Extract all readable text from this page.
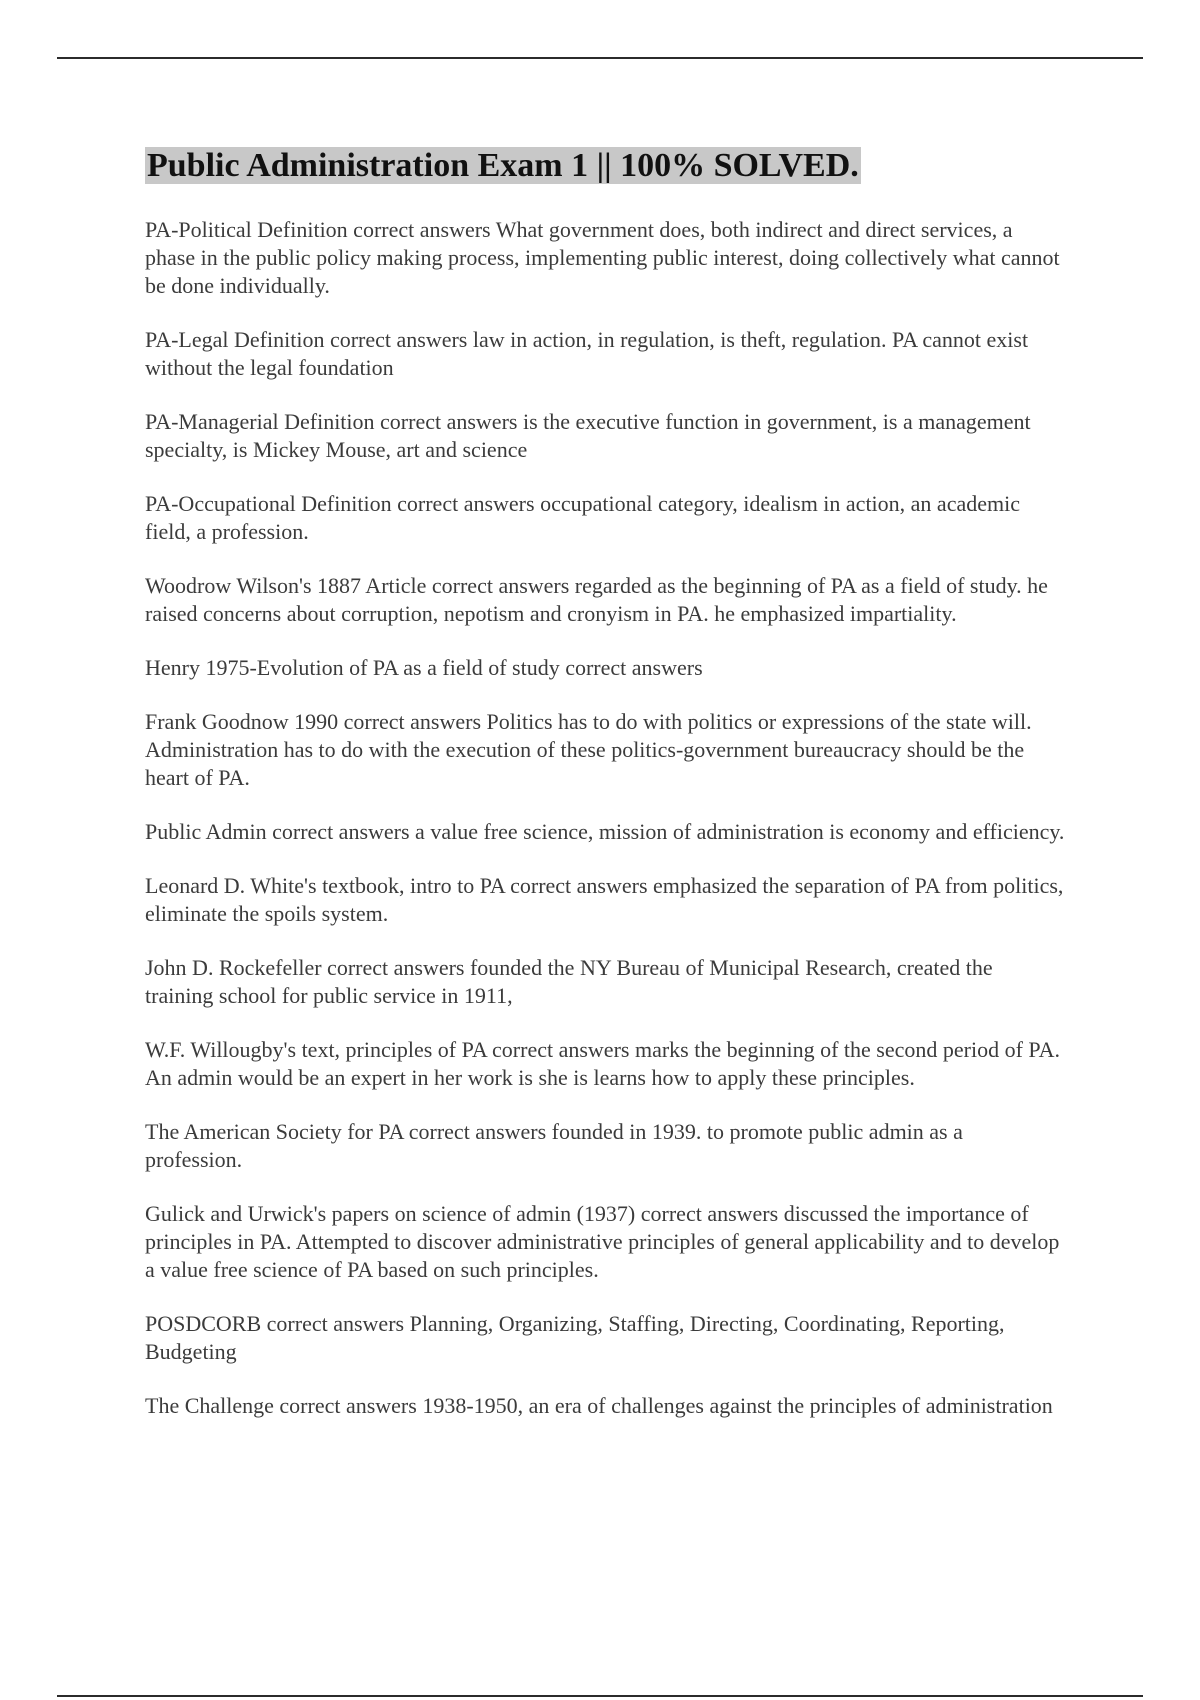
Public Administration Exam 1 || 100% SOLVED.

PA-Political Definition correct answers What government does, both indirect and direct services, a phase in the public policy making process, implementing public interest, doing collectively what cannot be done individually.

PA-Legal Definition correct answers law in action, in regulation, is theft, regulation. PA cannot exist without the legal foundation

PA-Managerial Definition correct answers is the executive function in government, is a management specialty, is Mickey Mouse, art and science

PA-Occupational Definition correct answers occupational category, idealism in action, an academic field, a profession.

Woodrow Wilson's 1887 Article correct answers regarded as the beginning of PA as a field of study. he raised concerns about corruption, nepotism and cronyism in PA. he emphasized impartiality.

Henry 1975-Evolution of PA as a field of study correct answers

Frank Goodnow 1990 correct answers Politics has to do with politics or expressions of the state will. Administration has to do with the execution of these politics-government bureaucracy should be the heart of PA.

Public Admin correct answers a value free science, mission of administration is economy and efficiency.

Leonard D. White's textbook, intro to PA correct answers emphasized the separation of PA from politics, eliminate the spoils system.

John D. Rockefeller correct answers founded the NY Bureau of Municipal Research, created the training school for public service in 1911,

W.F. Willougby's text, principles of PA correct answers marks the beginning of the second period of PA. An admin would be an expert in her work is she is learns how to apply these principles.

The American Society for PA correct answers founded in 1939. to promote public admin as a profession.

Gulick and Urwick's papers on science of admin (1937) correct answers discussed the importance of principles in PA. Attempted to discover administrative principles of general applicability and to develop a value free science of PA based on such principles.

POSDCORB correct answers Planning, Organizing, Staffing, Directing, Coordinating, Reporting, Budgeting

The Challenge correct answers 1938-1950, an era of challenges against the principles of administration
